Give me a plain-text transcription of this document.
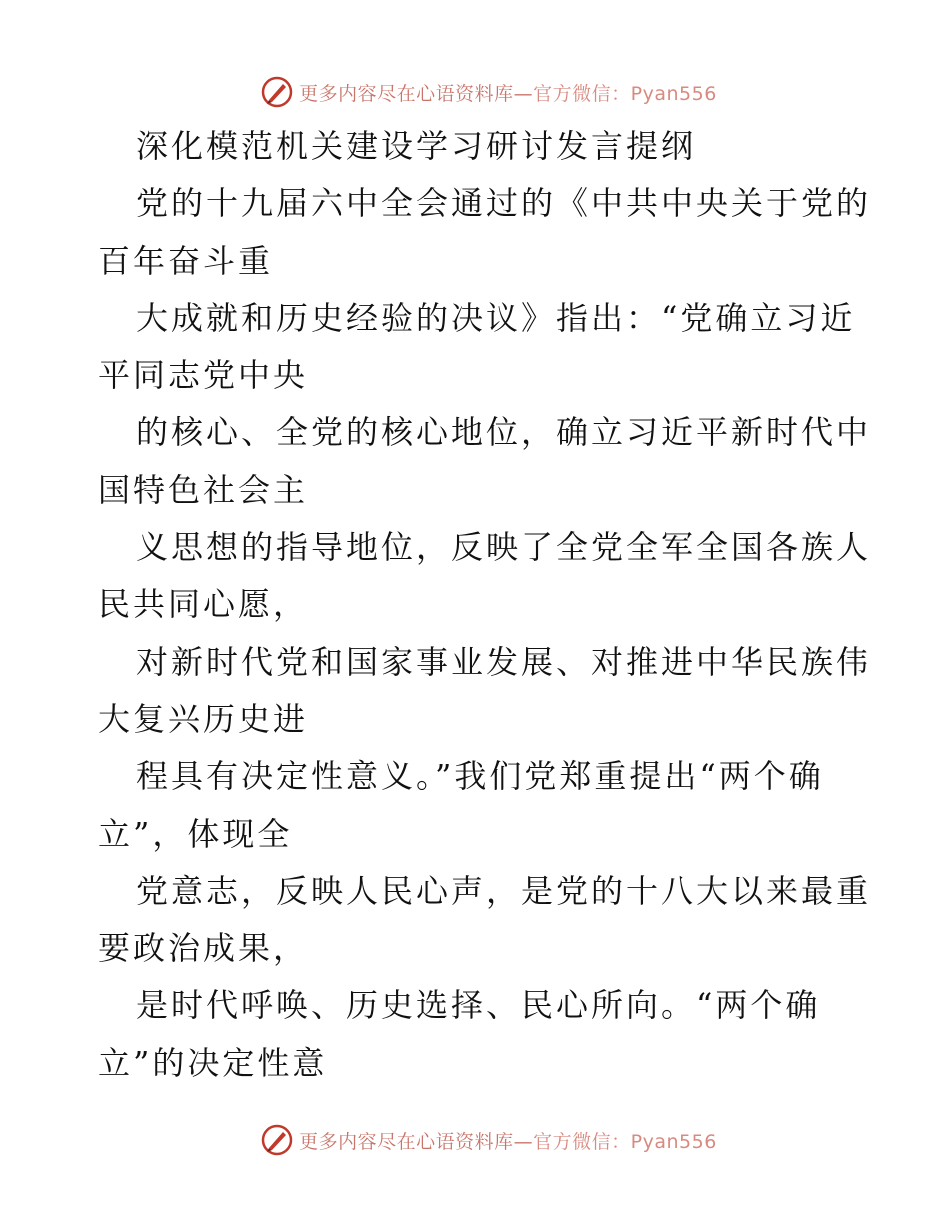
更多内容尽在心语资料库—官方微信：Pyan556
深化模范机关建设学习研讨发言提纲
党的十九届六中全会通过的《中共中央关于党的
百年奋斗重
大成就和历史经验的决议》指出：“党确立习近
平同志党中央
的核心、全党的核心地位，确立习近平新时代中
国特色社会主
义思想的指导地位，反映了全党全军全国各族人
民共同心愿，
对新时代党和国家事业发展、对推进中华民族伟
大复兴历史进
程具有决定性意义。”我们党郑重提出“两个确
立”，体现全
党意志，反映人民心声，是党的十八大以来最重
要政治成果，
是时代呼唤、历史选择、民心所向。“两个确
立”的决定性意
更多内容尽在心语资料库—官方微信：Pyan556
